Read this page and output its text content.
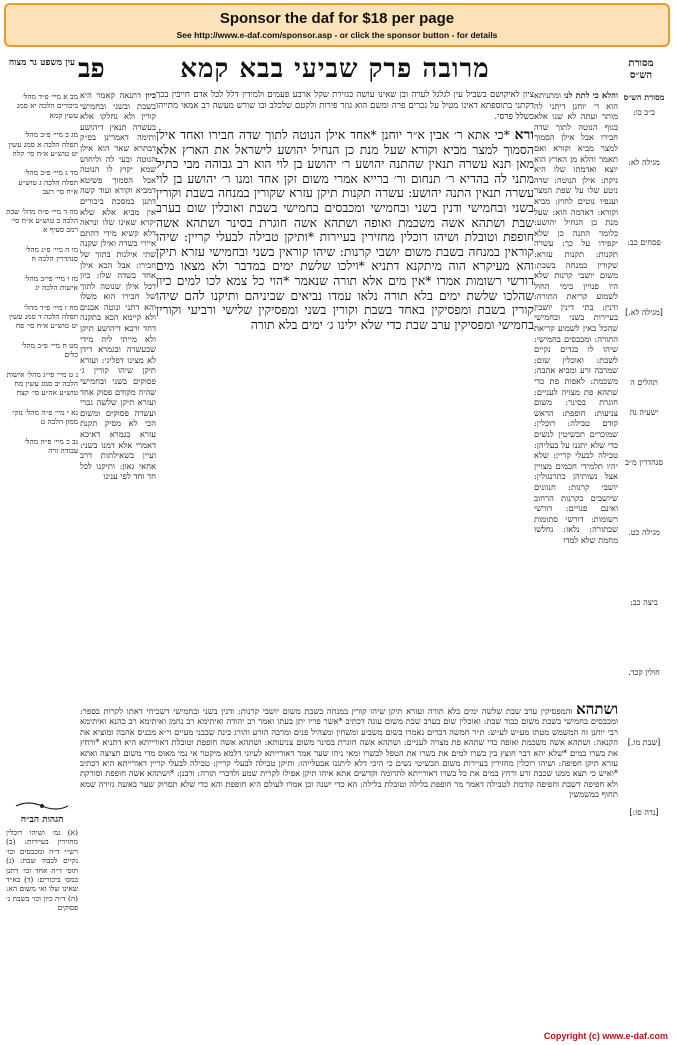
Sponsor the daf for $18 per page
See http://www.e-daf.com/sponsor.asp - or click the sponsor button - for details
מסורת הש״ס
מרובה פרק שביעי בבא קמא
פב
עין משפט נר מצוה

מסורת הש״ס

ב״ב כו:

מגילה לא:

פסחים כב:

[מגילה לא.]

תהלים ה

ישעיה נה

סנהדרין מ״ב

מגילה כט.

ביצה כב:

חולין קכד.

[שבת מו.]

[נדה סו:]

והלא כי לתת לנו ומתניתא הוא ר׳ יוחנן דיתני לה מותר ועתה לא שנו אלא בגוף הנוטה לתוך שדה חבירו אבל אילן הסמוך למצר מביא וקורא ואם תאמר והלא מן הארץ הוא יוצא ואדמתו שלו היא ניקת: אילן הנוטה: שדה ניטע שלו על שפת המצר וענפיו נוטים לחוץ: מביא וקורא: דאדמה הוא: שעל מנת כן הנחיל יהושע: כלומר התנה כן שלא יקפידו על כך: עשרה תקנות: תקנות עזרא: שקורין במנחה בשבת: משום יושבי קרנות שלא היו פנויין בימי החול לשמוע קריאת התורה: ודנין: בתי דינין יושבין בעיירות בשני ובחמישי שהכל באין לשמוע קריאת התורה: ומכבסים בחמישי: שיהו לו בגדים נקיים לשבת: ואוכלין שום: שמרבה זרע ומביא אהבה: משכמת: לאפות פת כדי שתהא פת מצויה לעניים: חוגרת בסינר: משום צניעות: חופפת: הראש קודם טבילה: רוכלין: שמוכרים תכשיטין לנשים כדי שלא יתגנו על בעליהן: טבילה לבעלי קריין: שלא יהיו תלמידי חכמים מצויין אצל נשותיהן כתרנגולין: יושבי קרנות: חנוונים שיושבים בקרנות הרחוב ואינם פנויים: דורשי רשומות: דורשי סתומות שבתורה: נלאו: נחלשו מחמת שלא למדו

ציון לאיקושם בשביל עין לגלגל לערה ובן שאינו עושה כגזירת שקל ארבע פעמים ולמידין דלל לכל אדם חייבין בכך דקתני בתוספתא דאינו מטיל על נכרים פרה ומשם הוא גוזר פירות ולקטם שלכלב ובו שורש מעשה רב אמאי מתייהו כשלל פרסי.

ורא *כי אתא ר׳ אבין א״ר יוחנן *אחד אילן הנוטה לתוך שדה חבירו ואחד אילן הסמוך למצר מביא וקורא שעל מנת כן הנחיל יהושע לישראל את הארץ אלא מאן תנא עשרה תנאין שהתנה יהושע ר׳ יהושע בן לוי הוא רב גבוהה מבי כתיל מתני לה בהדיא ר׳ תנחום ור׳ ברייא אמרי משום זקן אחד ומנו ר׳ יהושע בן לוי עשרה תנאין התנה יהושע: עשרה תקנות תיקן עזרא שקורין במנחה בשבת וקורין בשני ובחמישי ודנין בשני ובחמישי ומכבסים בחמישי בשבת ואוכלין שום בערב שבת ושתהא אשה משכמת ואופה ושתהא אשה חוגרת בסינר ושתהא אשה חופפת וטובלת ושיהו רוכלין מחזירין בעיירות *ותיקן טבילה לבעלי קריין: שיהו קוראין במנחה בשבת משום יושבי קרנות: שיהו קוראין בשני ובחמישי עזרא תיקן והא מעיקרא הוה מיתקנא דתניא *וילכו שלשת ימים במדבר ולא מצאו מים דורשי רשומות אמרו *אין מים אלא תורה שנאמר *הוי כל צמא לכו למים כיון שהלכו שלשת ימים בלא תורה נלאו עמדו נביאים שביניהם ותיקנו להם שיהו קורין בשבת ומפסיקין באחד בשבת וקורין בשני ומפסיקין שלישי ורביעי וקורין בחמישי ומפסיקין ערב שבת כדי שלא ילינו ג׳ ימים בלא תורה

כיון דתנאה קאמר היא בשבת ובשני ובחמישי קורין ולא נחלקו אלא בעשרה תנאין דיהושע ותימה דאמרינן בפ״ק דבתרא שאר הוא אילן הנוטה ובעי לה וליחוש שמא יקוץ לו הנוטה אבל הסמוך פשיטא דמביא וקורא ועוד קשה דתנן במסכת ביכורים אין מביא אלא שלא יקרא שאינו שלו ונראה דלא קשיא מידי דהתם איירי בשדה ואילן שקנה שתי אילנות בתוך של חבירו: אבל הכא אילן אחד בשדה שלו: כיון דכל אילן שנוטה לתוך של חבירו הוא משלו והא דתני ונוטה אבנים ולא קיימא הכא בתקנה דחד ורבא דיהושע תיקן ולא מייתי ליה מידי שבעשרה ובגמרא דידן לא מצינו דפליגי: ועזרא תיקן שיהו קורין ג׳ פסוקים בשני ובחמישי שהיה מקודם פסוק אחד ועזרא תיקן שלשה גברי ועשרה פסוקים ומשום הכי לא מסיק תקנת עזרא בגמרא דאיכא דאמרי אלא דמנו בשני: ועיין בשאילתות דרב אחאי גאון: ותיקנו לכל חד וחד לפי ענינו

מב א מיי׳ פ״ד מהל׳ ביכורים הלכה יא סמג עשין קמא

מג ב מיי׳ פ״ב מהל׳ תפלה הלכה א סמג עשין יט טוש״ע א״ח סי׳ קלה

מד ג מיי׳ פ״ב מהל׳ תפלה הלכה ג טוש״ע א״ח סי׳ רעב

מה ד מיי׳ פ״ה מהל׳ שבת הלכה ב טוש״ע א״ח סי׳ רמב סעיף א

מו ה מיי׳ פ״ג מהל׳ סנהדרין הלכה ח

מז ו מיי׳ פי״ב מהל׳ אישות הלכה יג

מח ז מיי׳ פ״ד מהל׳ תפלה הלכה ד סמג עשין יט טוש״ע א״ח סי׳ פח

מט ח מיי׳ פ״ב מהל׳ כלים

נ ט מיי׳ פי״ג מהל׳ אישות הלכה יב סמג עשין מח טוש״ע אה״ע סי׳ קצח

נא י מיי׳ פ״ה מהל׳ נזקי ממון הלכה ט

נב כ מיי׳ פ״ה מהל׳ עבודה זרה

הגהות הב״ח

(א) גמ׳ ושיהו רוכלין מחזירין בעיירות: (ב) רש״י ד״ה ומכבסים וכו׳ נקיים לכבוד שבת: (ג) תוס׳ ד״ה אחד וכו׳ דתנן במס׳ ביכורים: (ד) בא״ד שאינו שלו ואי משום הא: (ה) ד״ה כיון וכו׳ בשבת ג׳ פסוקים

ושתהא והמפסיקין ערב שבת שלשה ימים בלא תורה ועזרא תיקן שיהו קורין במנחה בשבת משום יושבי קרנות: ודנין בשני ובחמישי דשכיחי דאתו לקרות בספר: ומכבסים בחמישי בשבת משום כבוד שבת: ואוכלין שום בערב שבת משום עונה דכתיב *אשר פריו יתן בעתו ואמר רב יהודה ואיתימא רב נחמן ואיתימא רב כהנא ואיתימא רבי יוחנן זה המשמש מטתו מע״ש לע״ש: ת״ר חמשה דברים נאמרו בשום משביע ומשחין ומצהיל פנים ומרבה הזרע והורג כינה שבבני מעיים וי״א מכניס אהבה ומוציא את הקנאה: ושתהא אשה משכמת ואופה כדי שתהא פת מצויה לעניים: ושתהא אשה חוגרת בסינר משום צניעותא: ושתהא אשה חופפת וטובלת דאורייתא היא דתניא *ורחץ את בשרו במים *שלא יהא דבר חוצץ בין בשרו למים את בשרו את הטפל לבשרו ומאי ניהו שער אמר דאורייתא לעיוני דלמא מיקטר אי נמי מאוס מדי משום חציצה ואתא עזרא תיקן חפיפה: ושיהו רוכלין מחזירין בעיירות משום תכשיטי נשים כי היכי דלא ליתגנו אבעלייהו: ותיקן טבילה לבעלי קריין: טבילה לבעלי קריין דאורייתא היא דכתיב *ואיש כי תצא ממנו שכבת זרע ורחץ במים את כל בשרו דאורייתא לתרומה וקדשים אתא איהו תיקן אפילו לקרית שמע ולדברי תורה: ורבנן: *ושתהא אשה חופפת וסורקת ולא חפיפה דשבת וחפיפה קודמת לטבילה דאמר מר חופפת בלילה וטובלת בלילה: הא כדי ישנה וכן אמרו לעולם היא חופפת והא כדי שלא תסרוק שער באשה גזירה שמא תחוף במשמשין

Copyright (c) www.e-daf.com
